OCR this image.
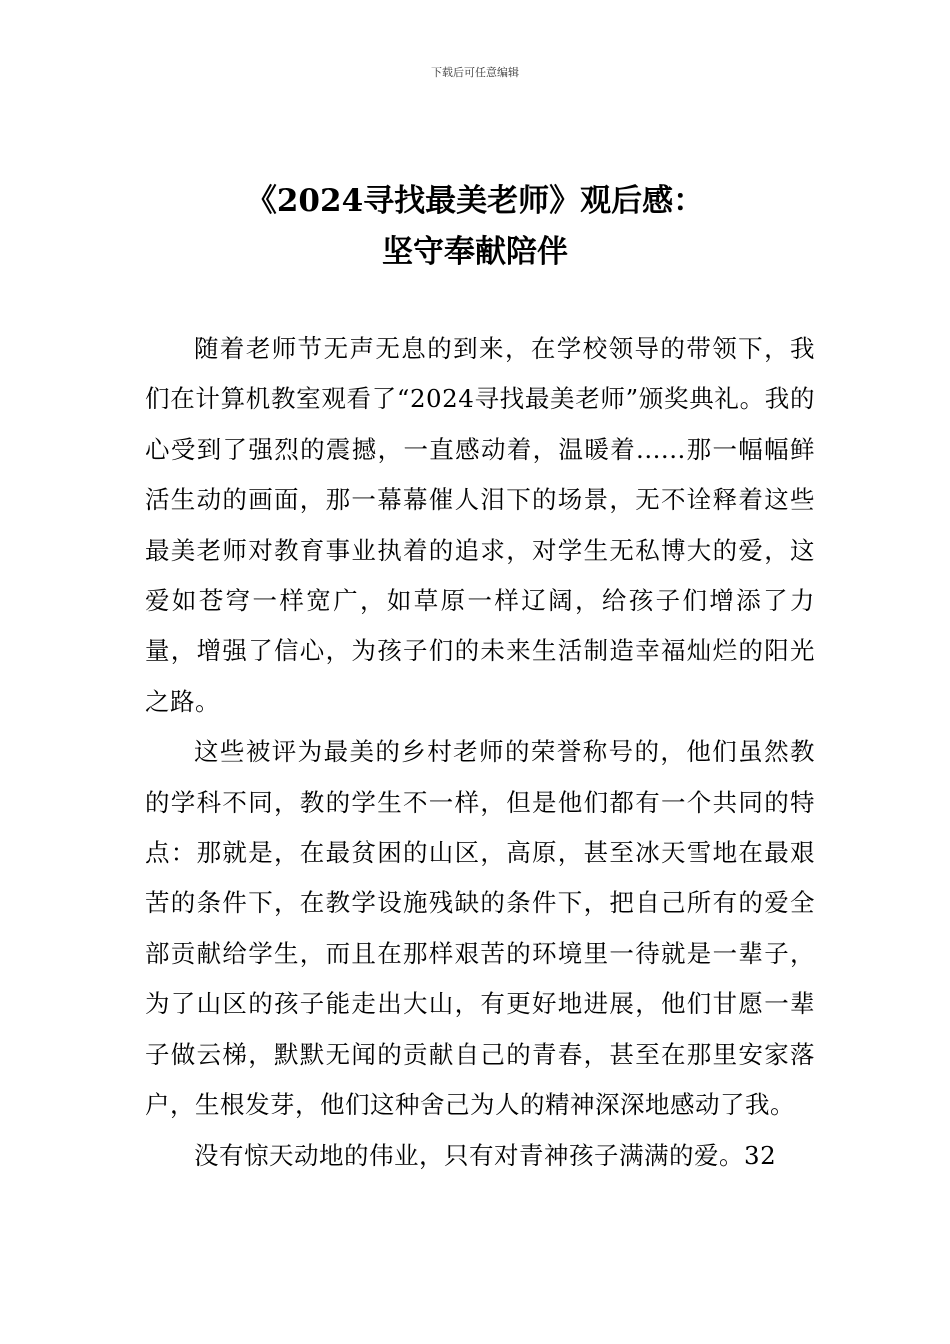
下载后可任意编辑
《2024寻找最美老师》观后感：
坚守奉献陪伴

随着老师节无声无息的到来，在学校领导的带领下，我们在计算机教室观看了“2024寻找最美老师”颁奖典礼。我的心受到了强烈的震撼，一直感动着，温暖着......那一幅幅鲜活生动的画面，那一幕幕催人泪下的场景，无不诠释着这些最美老师对教育事业执着的追求，对学生无私博大的爱，这爱如苍穹一样宽广，如草原一样辽阔，给孩子们增添了力量，增强了信心，为孩子们的未来生活制造幸福灿烂的阳光之路。

这些被评为最美的乡村老师的荣誉称号的，他们虽然教的学科不同，教的学生不一样，但是他们都有一个共同的特点：那就是，在最贫困的山区，高原，甚至冰天雪地在最艰苦的条件下，在教学设施残缺的条件下，把自己所有的爱全部贡献给学生，而且在那样艰苦的环境里一待就是一辈子，为了山区的孩子能走出大山，有更好地进展，他们甘愿一辈子做云梯，默默无闻的贡献自己的青春，甚至在那里安家落户，生根发芽，他们这种舍己为人的精神深深地感动了我。

没有惊天动地的伟业，只有对青神孩子满满的爱。32
